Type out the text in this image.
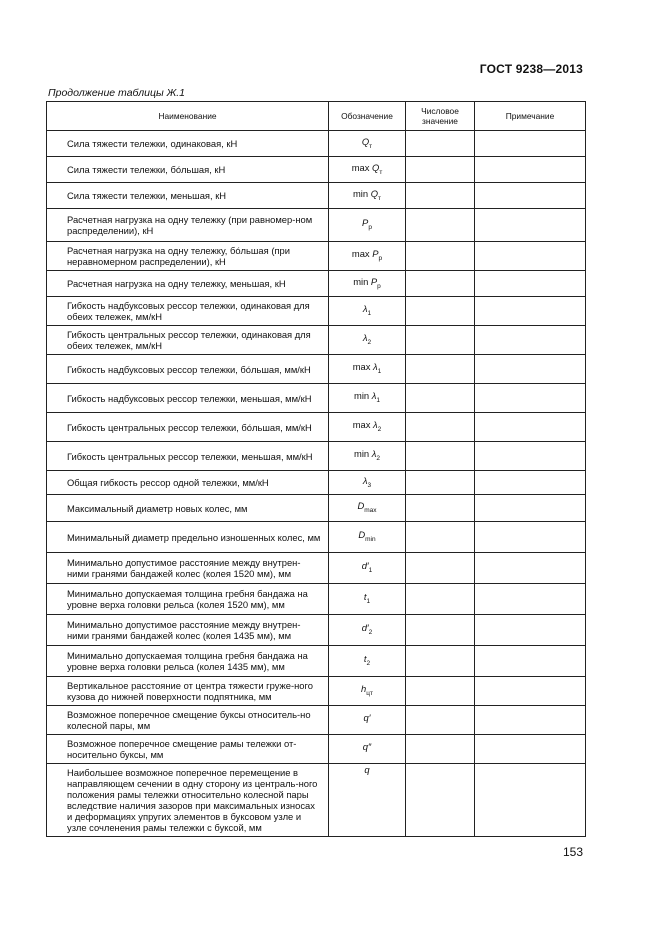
ГОСТ 9238—2013
Продолжение таблицы Ж.1
Наименование	Обозначение	Числовое значение	Примечание
Сила тяжести тележки, одинаковая, кН	$Q_т$		
Сила тяжести тележки, бóльшая, кН	$\max Q_т$		
Сила тяжести тележки, меньшая, кН	$\min Q_т$		
Расчетная нагрузка на одну тележку (при равномер-ном распределении), кН	$P_p$		
Расчетная нагрузка на одну тележку, бóльшая (при неравномерном распределении), кН	$\max P_p$		
Расчетная нагрузка на одну тележку, меньшая, кН	$\min P_p$		
Гибкость надбуксовых рессор тележки, одинаковая для обеих тележек, мм/кН	$\lambda_1$		
Гибкость центральных рессор тележки, одинаковая для обеих тележек, мм/кН	$\lambda_2$		
Гибкость надбуксовых рессор тележки, бóльшая, мм/кН	$\max \lambda_1$		
Гибкость надбуксовых рессор тележки, меньшая, мм/кН	$\min \lambda_1$		
Гибкость центральных рессор тележки, бóльшая, мм/кН	$\max \lambda_2$		
Гибкость центральных рессор тележки, меньшая, мм/кН	$\min \lambda_2$		
Общая гибкость рессор одной тележки, мм/кН	$\lambda_3$		
Максимальный диаметр новых колес, мм	$D_{max}$		
Минимальный диаметр предельно изношенных колес, мм	$D_{min}$		
Минимально допустимое расстояние между внутрен-ними гранями бандажей колес (колея 1520 мм), мм	$d'_1$		
Минимально допускаемая толщина гребня бандажа на уровне верха головки рельса (колея 1520 мм), мм	$t_1$		
Минимально допустимое расстояние между внутрен-ними гранями бандажей колес (колея 1435 мм), мм	$d'_2$		
Минимально допускаемая толщина гребня бандажа на уровне верха головки рельса (колея 1435 мм), мм	$t_2$		
Вертикальное расстояние от центра тяжести груже-ного кузова до нижней поверхности подпятника, мм	$h_{цт}$		
Возможное поперечное смещение буксы относитель-но колесной пары, мм	q′		
Возможное поперечное смещение рамы тележки от-носительно буксы, мм	q″		
Наибольшее возможное поперечное перемещение в направляющем сечении в одну сторону из централь-ного положения рамы тележки относительно колесной пары вследствие наличия зазоров при максимальных износах и деформациях упругих элементов в буксовом узле и узле сочленения рамы тележки с буксой, мм	q		
153
